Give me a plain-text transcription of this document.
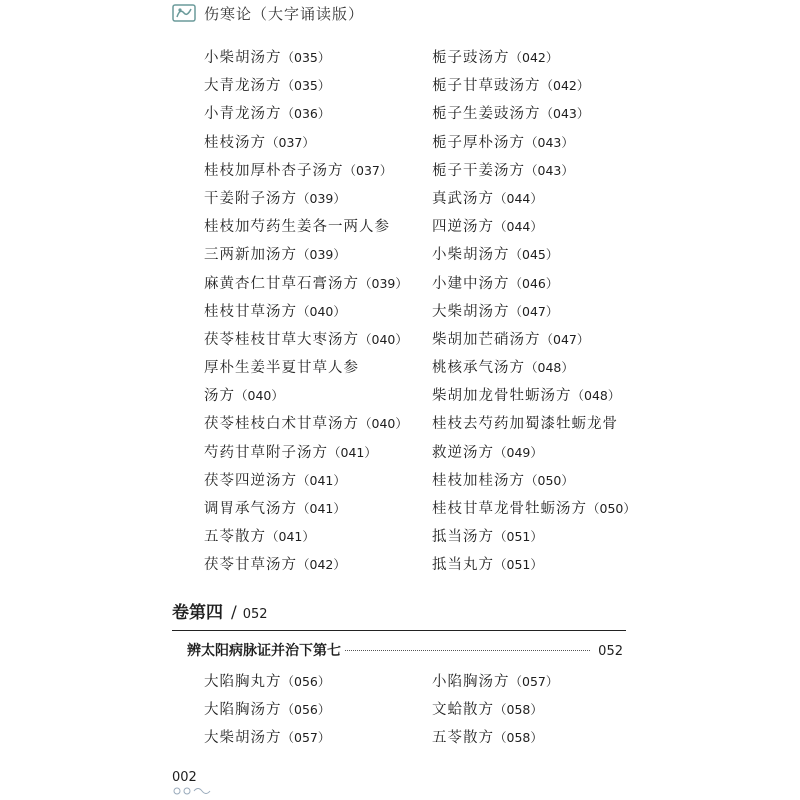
伤寒论（大字诵读版）
小柴胡汤方（035）
大青龙汤方（035）
小青龙汤方（036）
桂枝汤方（037）
桂枝加厚朴杏子汤方（037）
干姜附子汤方（039）
桂枝加芍药生姜各一两人参
三两新加汤方（039）
麻黄杏仁甘草石膏汤方（039）
桂枝甘草汤方（040）
茯苓桂枝甘草大枣汤方（040）
厚朴生姜半夏甘草人参
汤方（040）
茯苓桂枝白术甘草汤方（040）
芍药甘草附子汤方（041）
茯苓四逆汤方（041）
调胃承气汤方（041）
五苓散方（041）
茯苓甘草汤方（042）
栀子豉汤方（042）
栀子甘草豉汤方（042）
栀子生姜豉汤方（043）
栀子厚朴汤方（043）
栀子干姜汤方（043）
真武汤方（044）
四逆汤方（044）
小柴胡汤方（045）
小建中汤方（046）
大柴胡汤方（047）
柴胡加芒硝汤方（047）
桃核承气汤方（048）
柴胡加龙骨牡蛎汤方（048）
桂枝去芍药加蜀漆牡蛎龙骨
救逆汤方（049）
桂枝加桂汤方（050）
桂枝甘草龙骨牡蛎汤方（050）
抵当汤方（051）
抵当丸方（051）
卷第四 / 052
辨太阳病脉证并治下第七	052
大陷胸丸方（056）
大陷胸汤方（056）
大柴胡汤方（057）
小陷胸汤方（057）
文蛤散方（058）
五苓散方（058）
002
